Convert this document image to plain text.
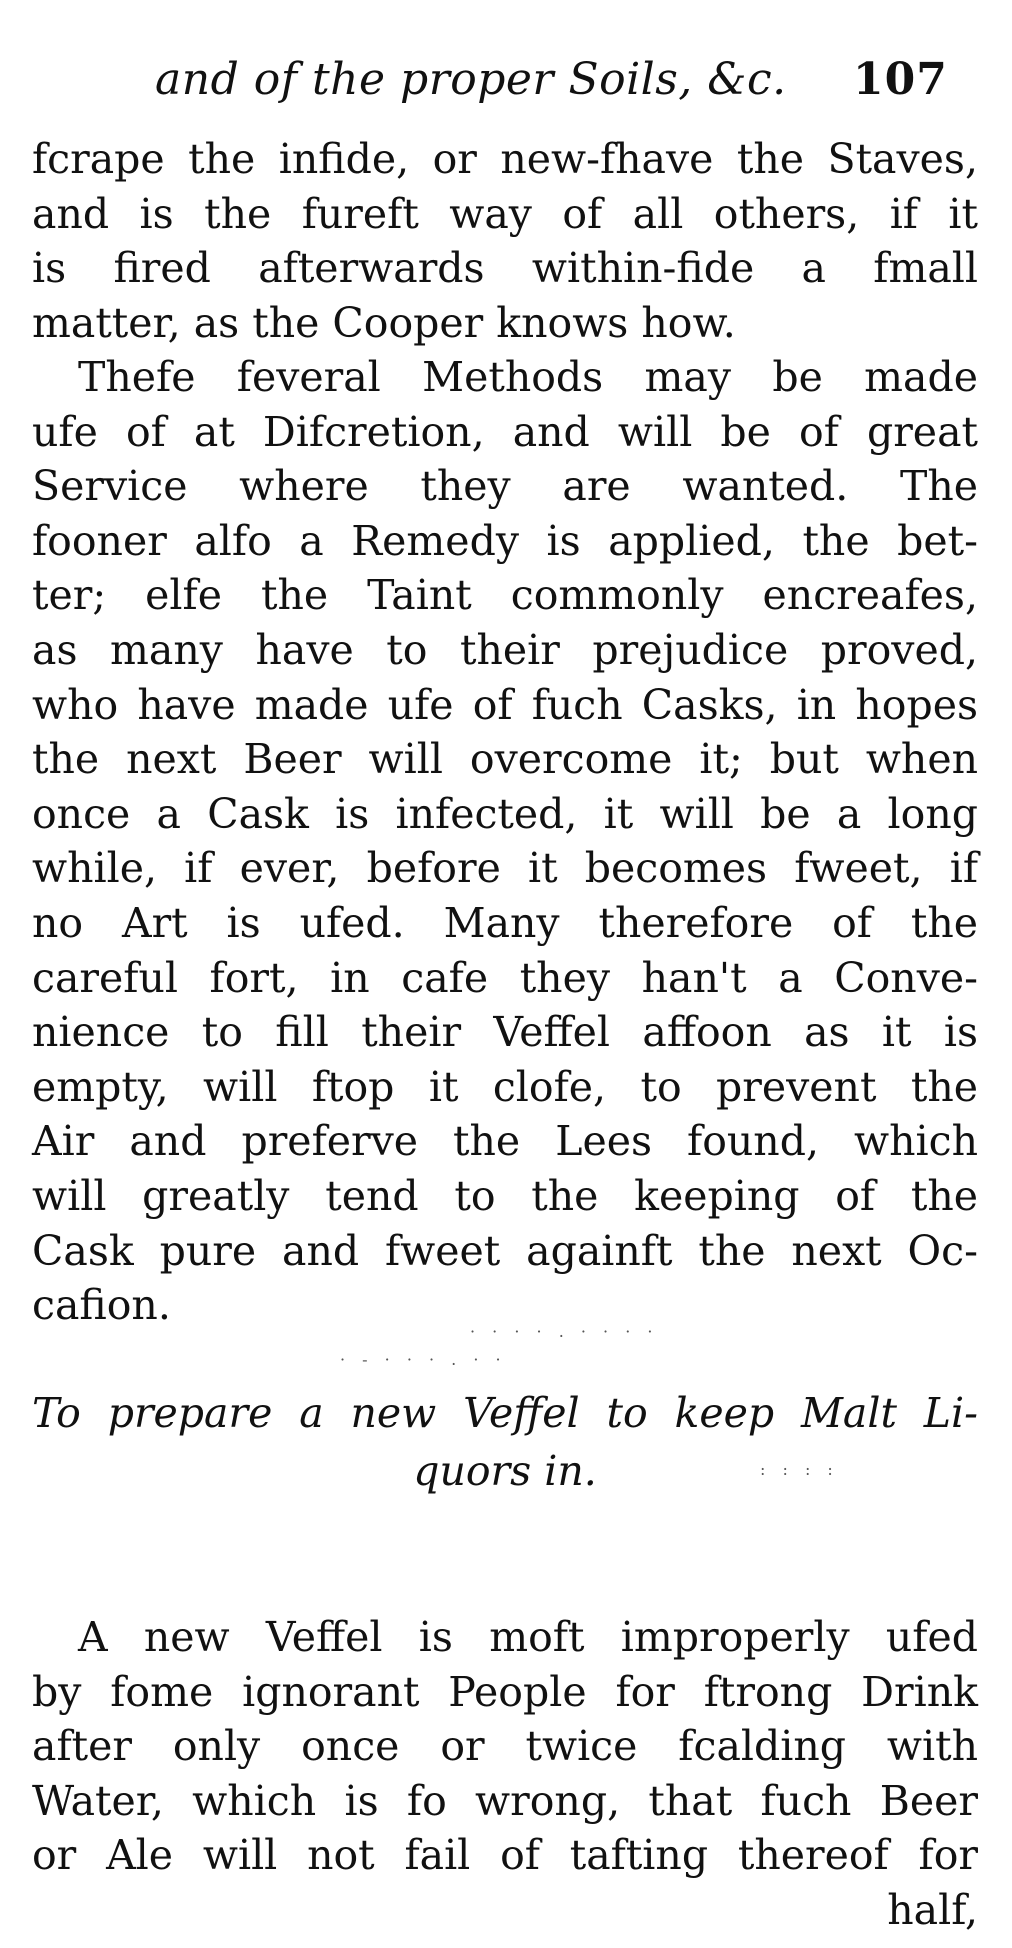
and of the proper Soils, &c. 107
fcrape the infide, or new-fhave the Staves,
and is the fureft way of all others, if it
is fired afterwards within-fide a fmall
matter, as the Cooper knows how.
Thefe feveral Methods may be made
ufe of at Difcretion, and will be of great
Service where they are wanted. The
fooner alfo a Remedy is applied, the bet-
ter; elfe the Taint commonly encreafes,
as many have to their prejudice proved,
who have made ufe of fuch Casks, in hopes
the next Beer will overcome it; but when
once a Cask is infected, it will be a long
while, if ever, before it becomes fweet, if
no Art is ufed. Many therefore of the
careful fort, in cafe they han't a Conve-
nience to fill their Veffel affoon as it is
empty, will ftop it clofe, to prevent the
Air and preferve the Lees found, which
will greatly tend to the keeping of the
Cask pure and fweet againft the next Oc-
cafion.
· · · · . · · · ·
· - · · · . · ·
To prepare a new Veffel to keep Malt Li-
quors in.	: : : :
A new Veffel is moft improperly ufed
by fome ignorant People for ftrong Drink
after only once or twice fcalding with
Water, which is fo wrong, that fuch Beer
or Ale will not fail of tafting thereof for
half,
